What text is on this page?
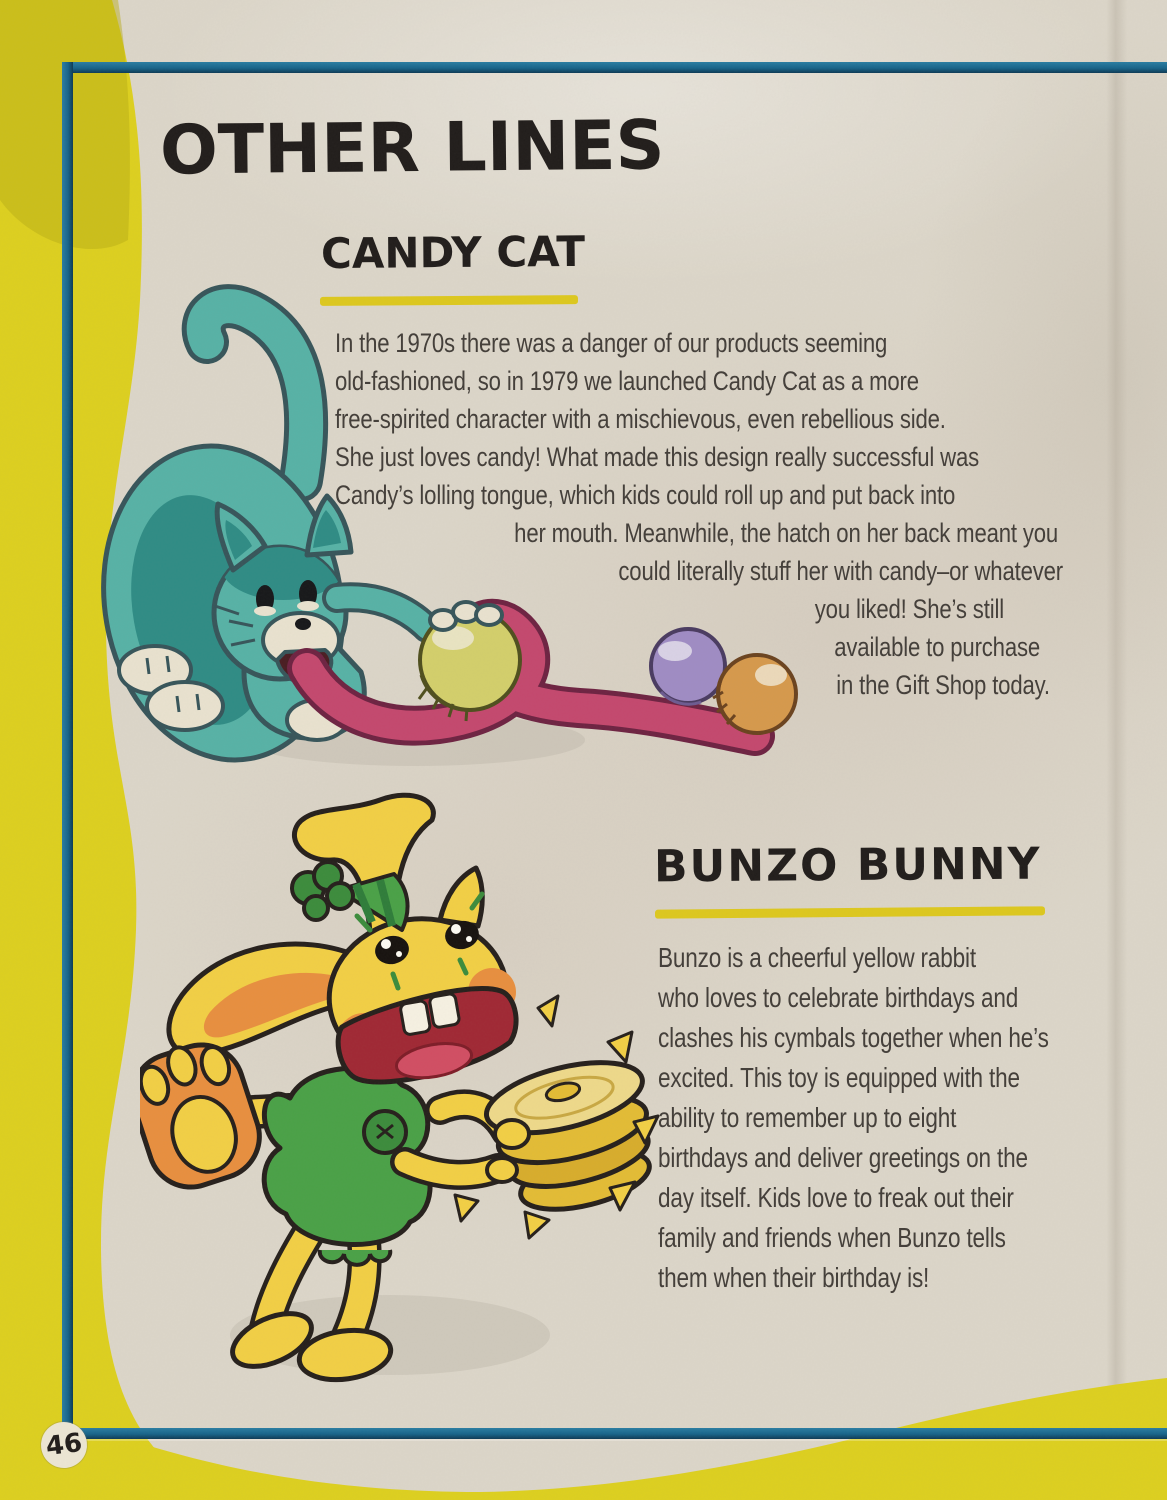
OTHER LINES
CANDY CAT
BUNZO BUNNY
In the 1970s there was a danger of our products seeming
old-fashioned, so in 1979 we launched Candy Cat as a more
free-spirited character with a mischievous, even rebellious side.
She just loves candy! What made this design really successful was
Candy’s lolling tongue, which kids could roll up and put back into
her mouth. Meanwhile, the hatch on her back meant you
could literally stuff her with candy–or whatever
you liked! She’s still
available to purchase
in the Gift Shop today.
Bunzo is a cheerful yellow rabbit
who loves to celebrate birthdays and
clashes his cymbals together when he’s
excited. This toy is equipped with the
ability to remember up to eight
birthdays and deliver greetings on the
day itself. Kids love to freak out their
family and friends when Bunzo tells
them when their birthday is!
46
